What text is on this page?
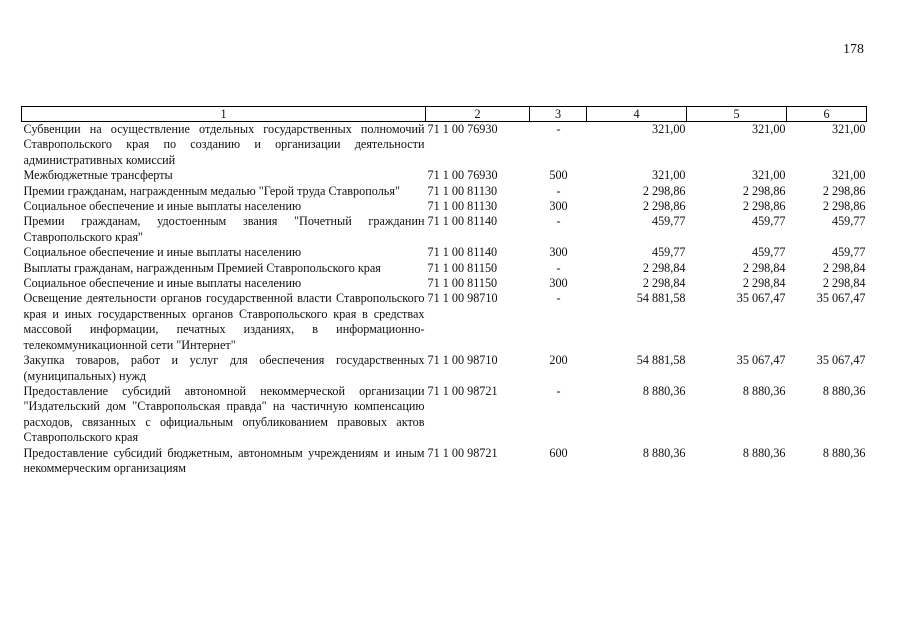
178
1	2	3	4	5	6
Субвенции на осуществление отдельных государственных полномочий Ставропольского края по созданию и организации деятельности административных комиссий	71 1 00 76930	-	321,00	321,00	321,00
Межбюджетные трансферты	71 1 00 76930	500	321,00	321,00	321,00
Премии гражданам, награжденным медалью "Герой труда Ставрополья"	71 1 00 81130	-	2 298,86	2 298,86	2 298,86
Социальное обеспечение и иные выплаты населению	71 1 00 81130	300	2 298,86	2 298,86	2 298,86
Премии гражданам, удостоенным звания "Почетный гражданин Ставропольского края"	71 1 00 81140	-	459,77	459,77	459,77
Социальное обеспечение и иные выплаты населению	71 1 00 81140	300	459,77	459,77	459,77
Выплаты гражданам, награжденным Премией Ставропольского края	71 1 00 81150	-	2 298,84	2 298,84	2 298,84
Социальное обеспечение и иные выплаты населению	71 1 00 81150	300	2 298,84	2 298,84	2 298,84
Освещение деятельности органов государственной власти Ставропольского края и иных государственных органов Ставропольского края в средствах массовой информации, печатных изданиях, в информационно-телекоммуникационной сети "Интернет"	71 1 00 98710	-	54 881,58	35 067,47	35 067,47
Закупка товаров, работ и услуг для обеспечения государственных (муниципальных) нужд	71 1 00 98710	200	54 881,58	35 067,47	35 067,47
Предоставление субсидий автономной некоммерческой организации "Издательский дом "Ставропольская правда" на частичную компенсацию расходов, связанных с официальным опубликованием правовых актов Ставропольского края	71 1 00 98721	-	8 880,36	8 880,36	8 880,36
Предоставление субсидий бюджетным, автономным учреждениям и иным некоммерческим организациям	71 1 00 98721	600	8 880,36	8 880,36	8 880,36
